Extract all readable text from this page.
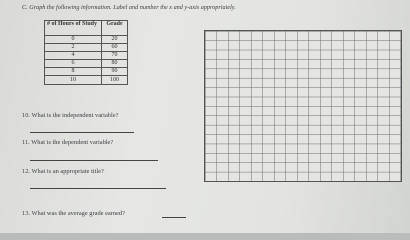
C. Graph the following information. Label and number the x and y-axis appropriately.
# of Hours of Study	Grade
0	20
2	60
4	70
6	80
8	90
10	100
10. What is the independent variable?
11. What is the dependent variable?
12. What is an appropriate title?
13. What was the average grade earned?
